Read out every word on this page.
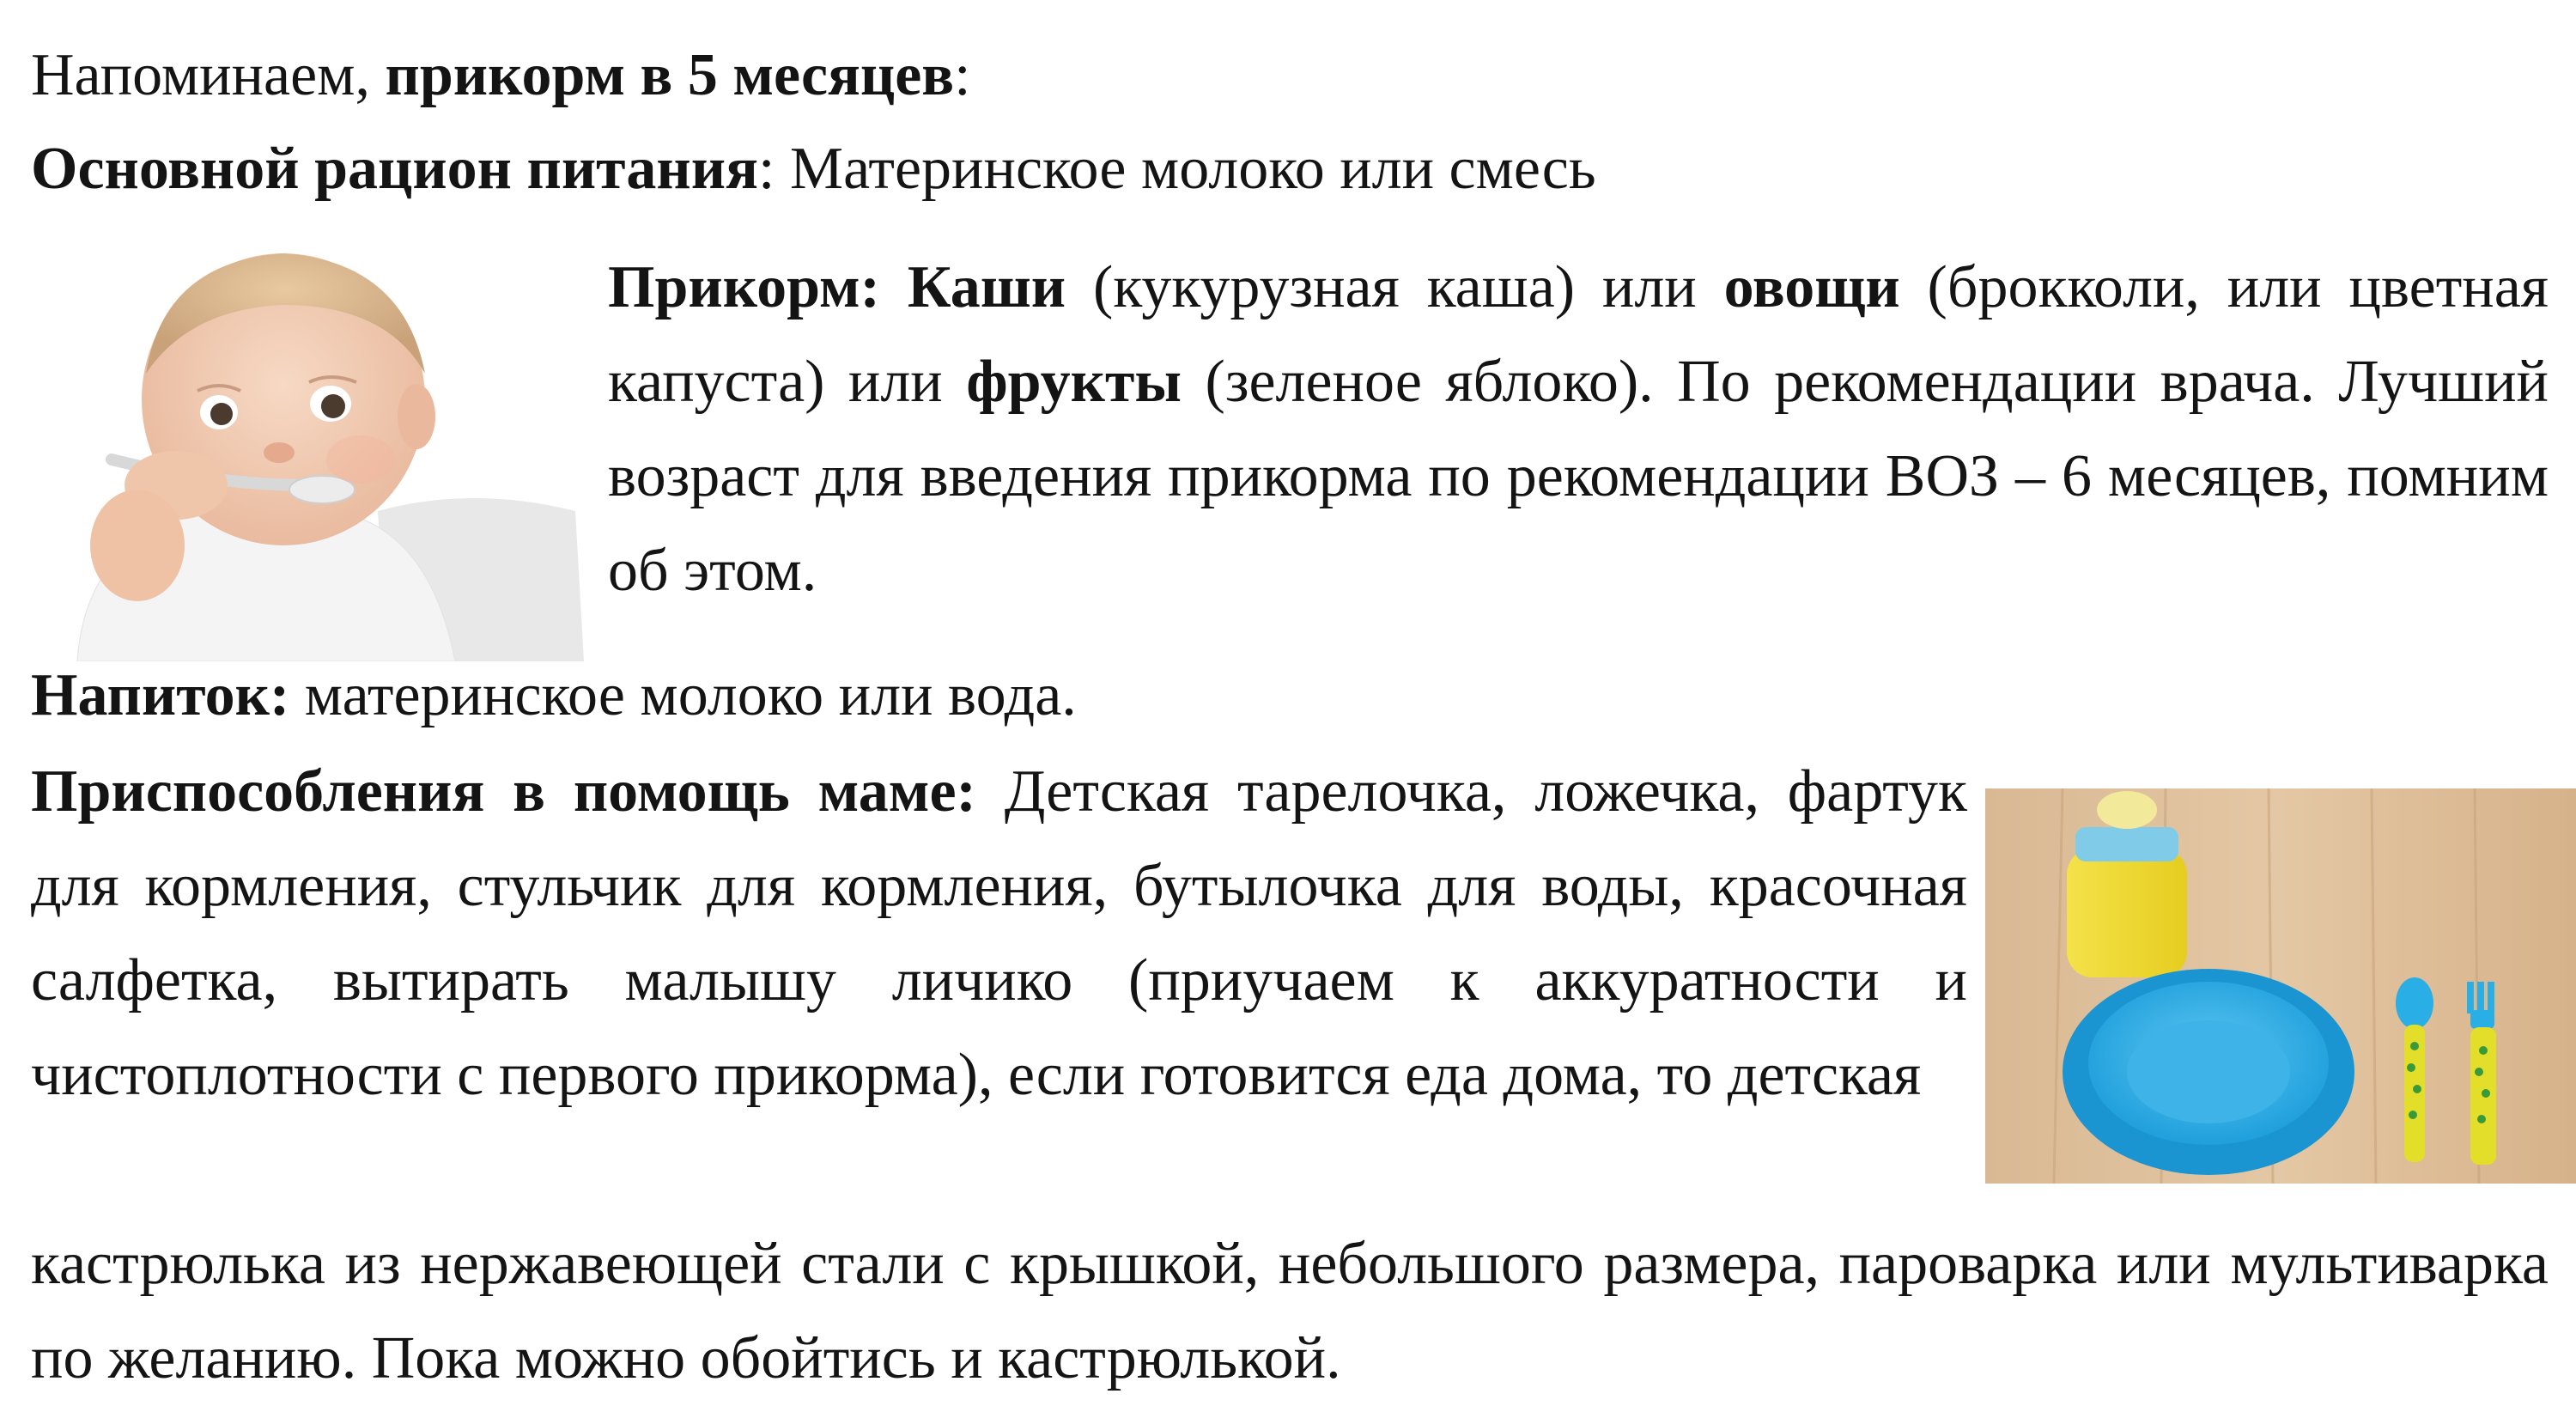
Напоминаем, прикорм в 5 месяцев:
Основной рацион питания: Материнское молоко или смесь

Прикорм: Каши (кукурузная каша) или овощи (брокколи, или цветная капуста) или фрукты (зеленое яблоко). По рекомендации врача. Лучший возраст для введения прикорма по рекомендации ВОЗ – 6 месяцев, помним об этом.

Напиток: материнское молоко или вода.

Приспособления в помощь маме: Детская тарелочка, ложечка, фартук для кормления, стульчик для кормления, бутылочка для воды, красочная салфетка, вытирать малышу личико (приучаем к аккуратности и чистоплотности с первого прикорма), если готовится еда дома, то детская

кастрюлька из нержавеющей стали с крышкой, небольшого размера, пароварка или мультиварка по желанию. Пока можно обойтись и кастрюлькой.
